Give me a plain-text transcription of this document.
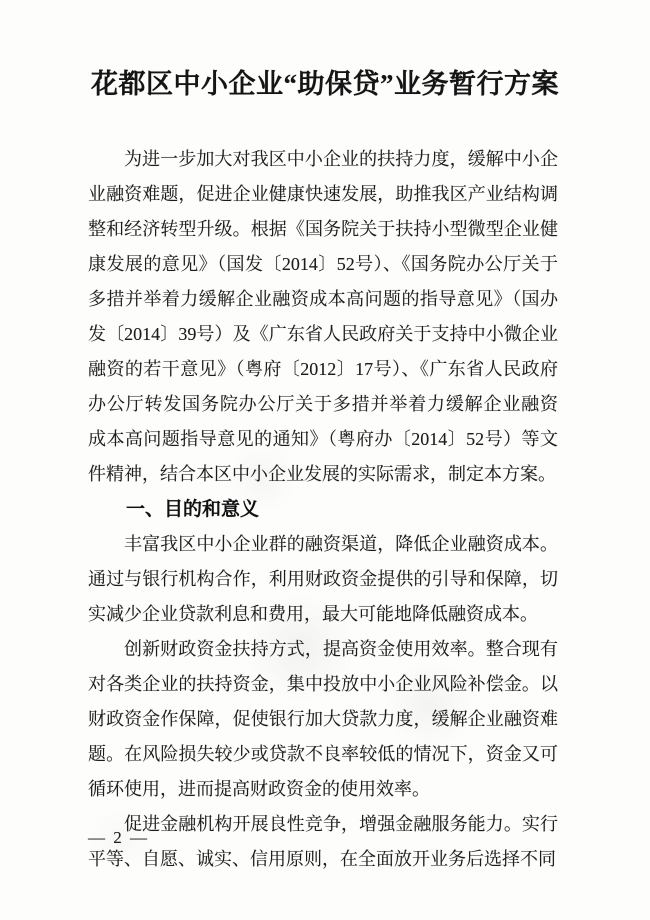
花都区中小企业“助保贷”业务暂行方案
为进一步加大对我区中小企业的扶持力度，缓解中小企
业融资难题，促进企业健康快速发展，助推我区产业结构调
整和经济转型升级。根据《国务院关于扶持小型微型企业健
康发展的意见》（国发〔2014〕52号）、《国务院办公厅关于
多措并举着力缓解企业融资成本高问题的指导意见》（国办
发〔2014〕39号）及《广东省人民政府关于支持中小微企业
融资的若干意见》（粤府〔2012〕17号）、《广东省人民政府
办公厅转发国务院办公厅关于多措并举着力缓解企业融资
成本高问题指导意见的通知》（粤府办〔2014〕52号）等文
件精神，结合本区中小企业发展的实际需求，制定本方案。
一、目的和意义
丰富我区中小企业群的融资渠道，降低企业融资成本。
通过与银行机构合作，利用财政资金提供的引导和保障，切
实减少企业贷款利息和费用，最大可能地降低融资成本。
创新财政资金扶持方式，提高资金使用效率。整合现有
对各类企业的扶持资金，集中投放中小企业风险补偿金。以
财政资金作保障，促使银行加大贷款力度，缓解企业融资难
题。在风险损失较少或贷款不良率较低的情况下，资金又可
循环使用，进而提高财政资金的使用效率。
促进金融机构开展良性竞争，增强金融服务能力。实行
平等、自愿、诚实、信用原则，在全面放开业务后选择不同
— 2 —
